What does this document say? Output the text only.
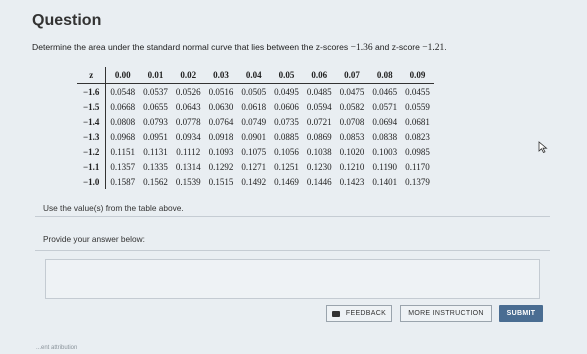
Question
Determine the area under the standard normal curve that lies between the z-scores −1.36 and z-score −1.21.
z	0.00	0.01	0.02	0.03	0.04	0.05	0.06	0.07	0.08	0.09
−1.6	0.0548	0.0537	0.0526	0.0516	0.0505	0.0495	0.0485	0.0475	0.0465	0.0455
−1.5	0.0668	0.0655	0.0643	0.0630	0.0618	0.0606	0.0594	0.0582	0.0571	0.0559
−1.4	0.0808	0.0793	0.0778	0.0764	0.0749	0.0735	0.0721	0.0708	0.0694	0.0681
−1.3	0.0968	0.0951	0.0934	0.0918	0.0901	0.0885	0.0869	0.0853	0.0838	0.0823
−1.2	0.1151	0.1131	0.1112	0.1093	0.1075	0.1056	0.1038	0.1020	0.1003	0.0985
−1.1	0.1357	0.1335	0.1314	0.1292	0.1271	0.1251	0.1230	0.1210	0.1190	0.1170
−1.0	0.1587	0.1562	0.1539	0.1515	0.1492	0.1469	0.1446	0.1423	0.1401	0.1379
Use the value(s) from the table above.
Provide your answer below:
FEEDBACK	MORE INSTRUCTION	SUBMIT
...ent attribution
